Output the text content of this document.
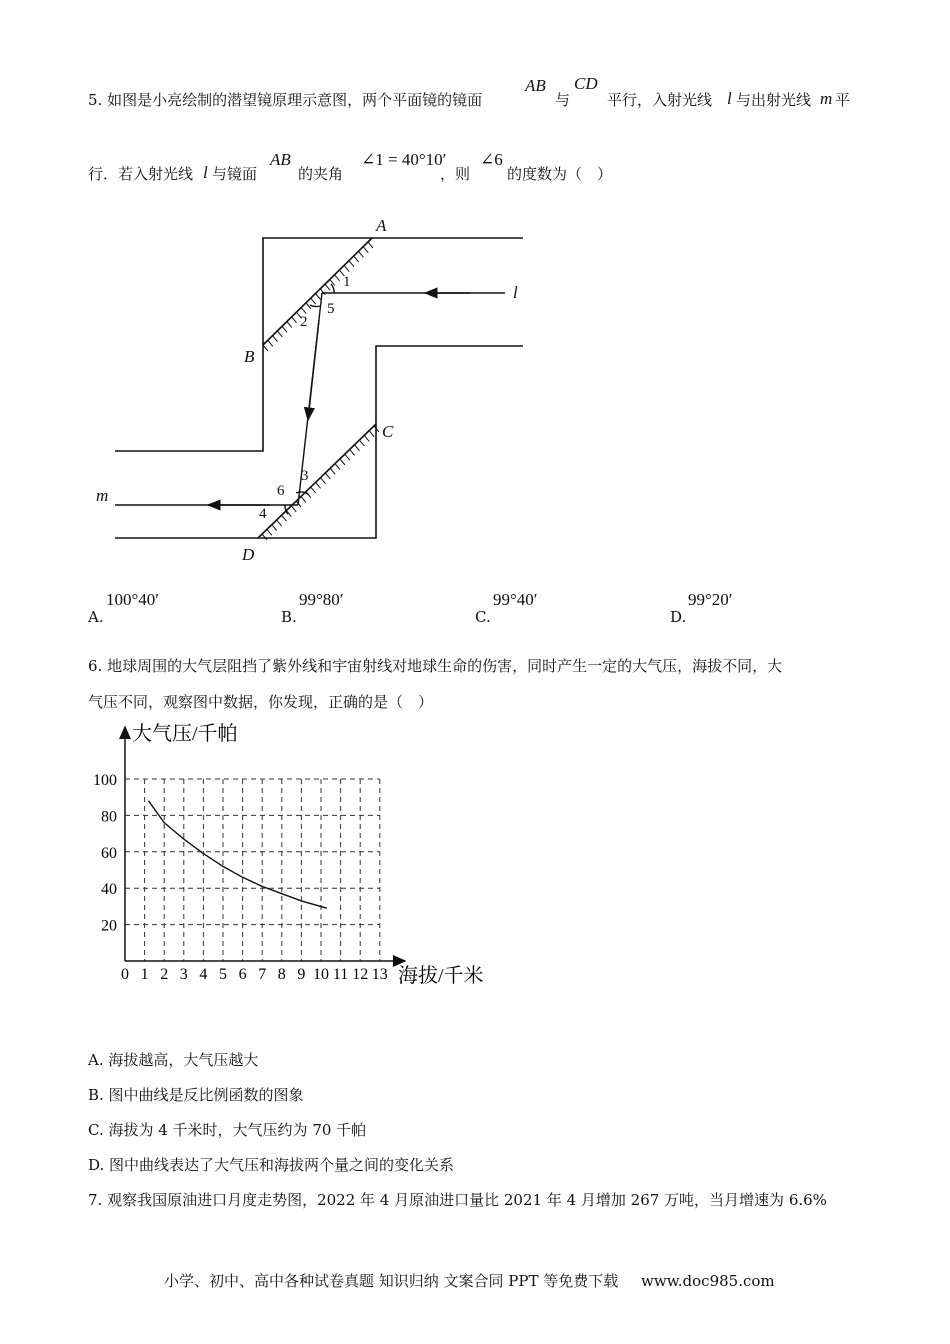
5. 如图是小亮绘制的潜望镜原理示意图，两个平面镜的镜面
AB
与
CD
平行，入射光线 l 与出射光线 m 平
行．若入射光线 l 与镜面
AB
的夹角
∠1 = 40°10′
，则
∠6
的度数为（　）
A
B
C
D
l
m
1
2
5
3
6
4
A.
100°40′
B.
99°80′
C.
99°40′
D.
99°20′
6. 地球周围的大气层阻挡了紫外线和宇宙射线对地球生命的伤害，同时产生一定的大气压，海拔不同，大
气压不同，观察图中数据，你发现，正确的是（　）
大气压/千帕
海拔/千米
0 1 2 3 4 5 6 7 8 9 10 11 12 13
20
40
60
80
100
A. 海拔越高，大气压越大
B. 图中曲线是反比例函数的图象
C. 海拔为 4 千米时，大气压约为 70 千帕
D. 图中曲线表达了大气压和海拔两个量之间的变化关系
7. 观察我国原油进口月度走势图，2022 年 4 月原油进口量比 2021 年 4 月增加 267 万吨，当月增速为 6.6%
小学、初中、高中各种试卷真题 知识归纳 文案合同 PPT 等免费下载 www.doc985.com
